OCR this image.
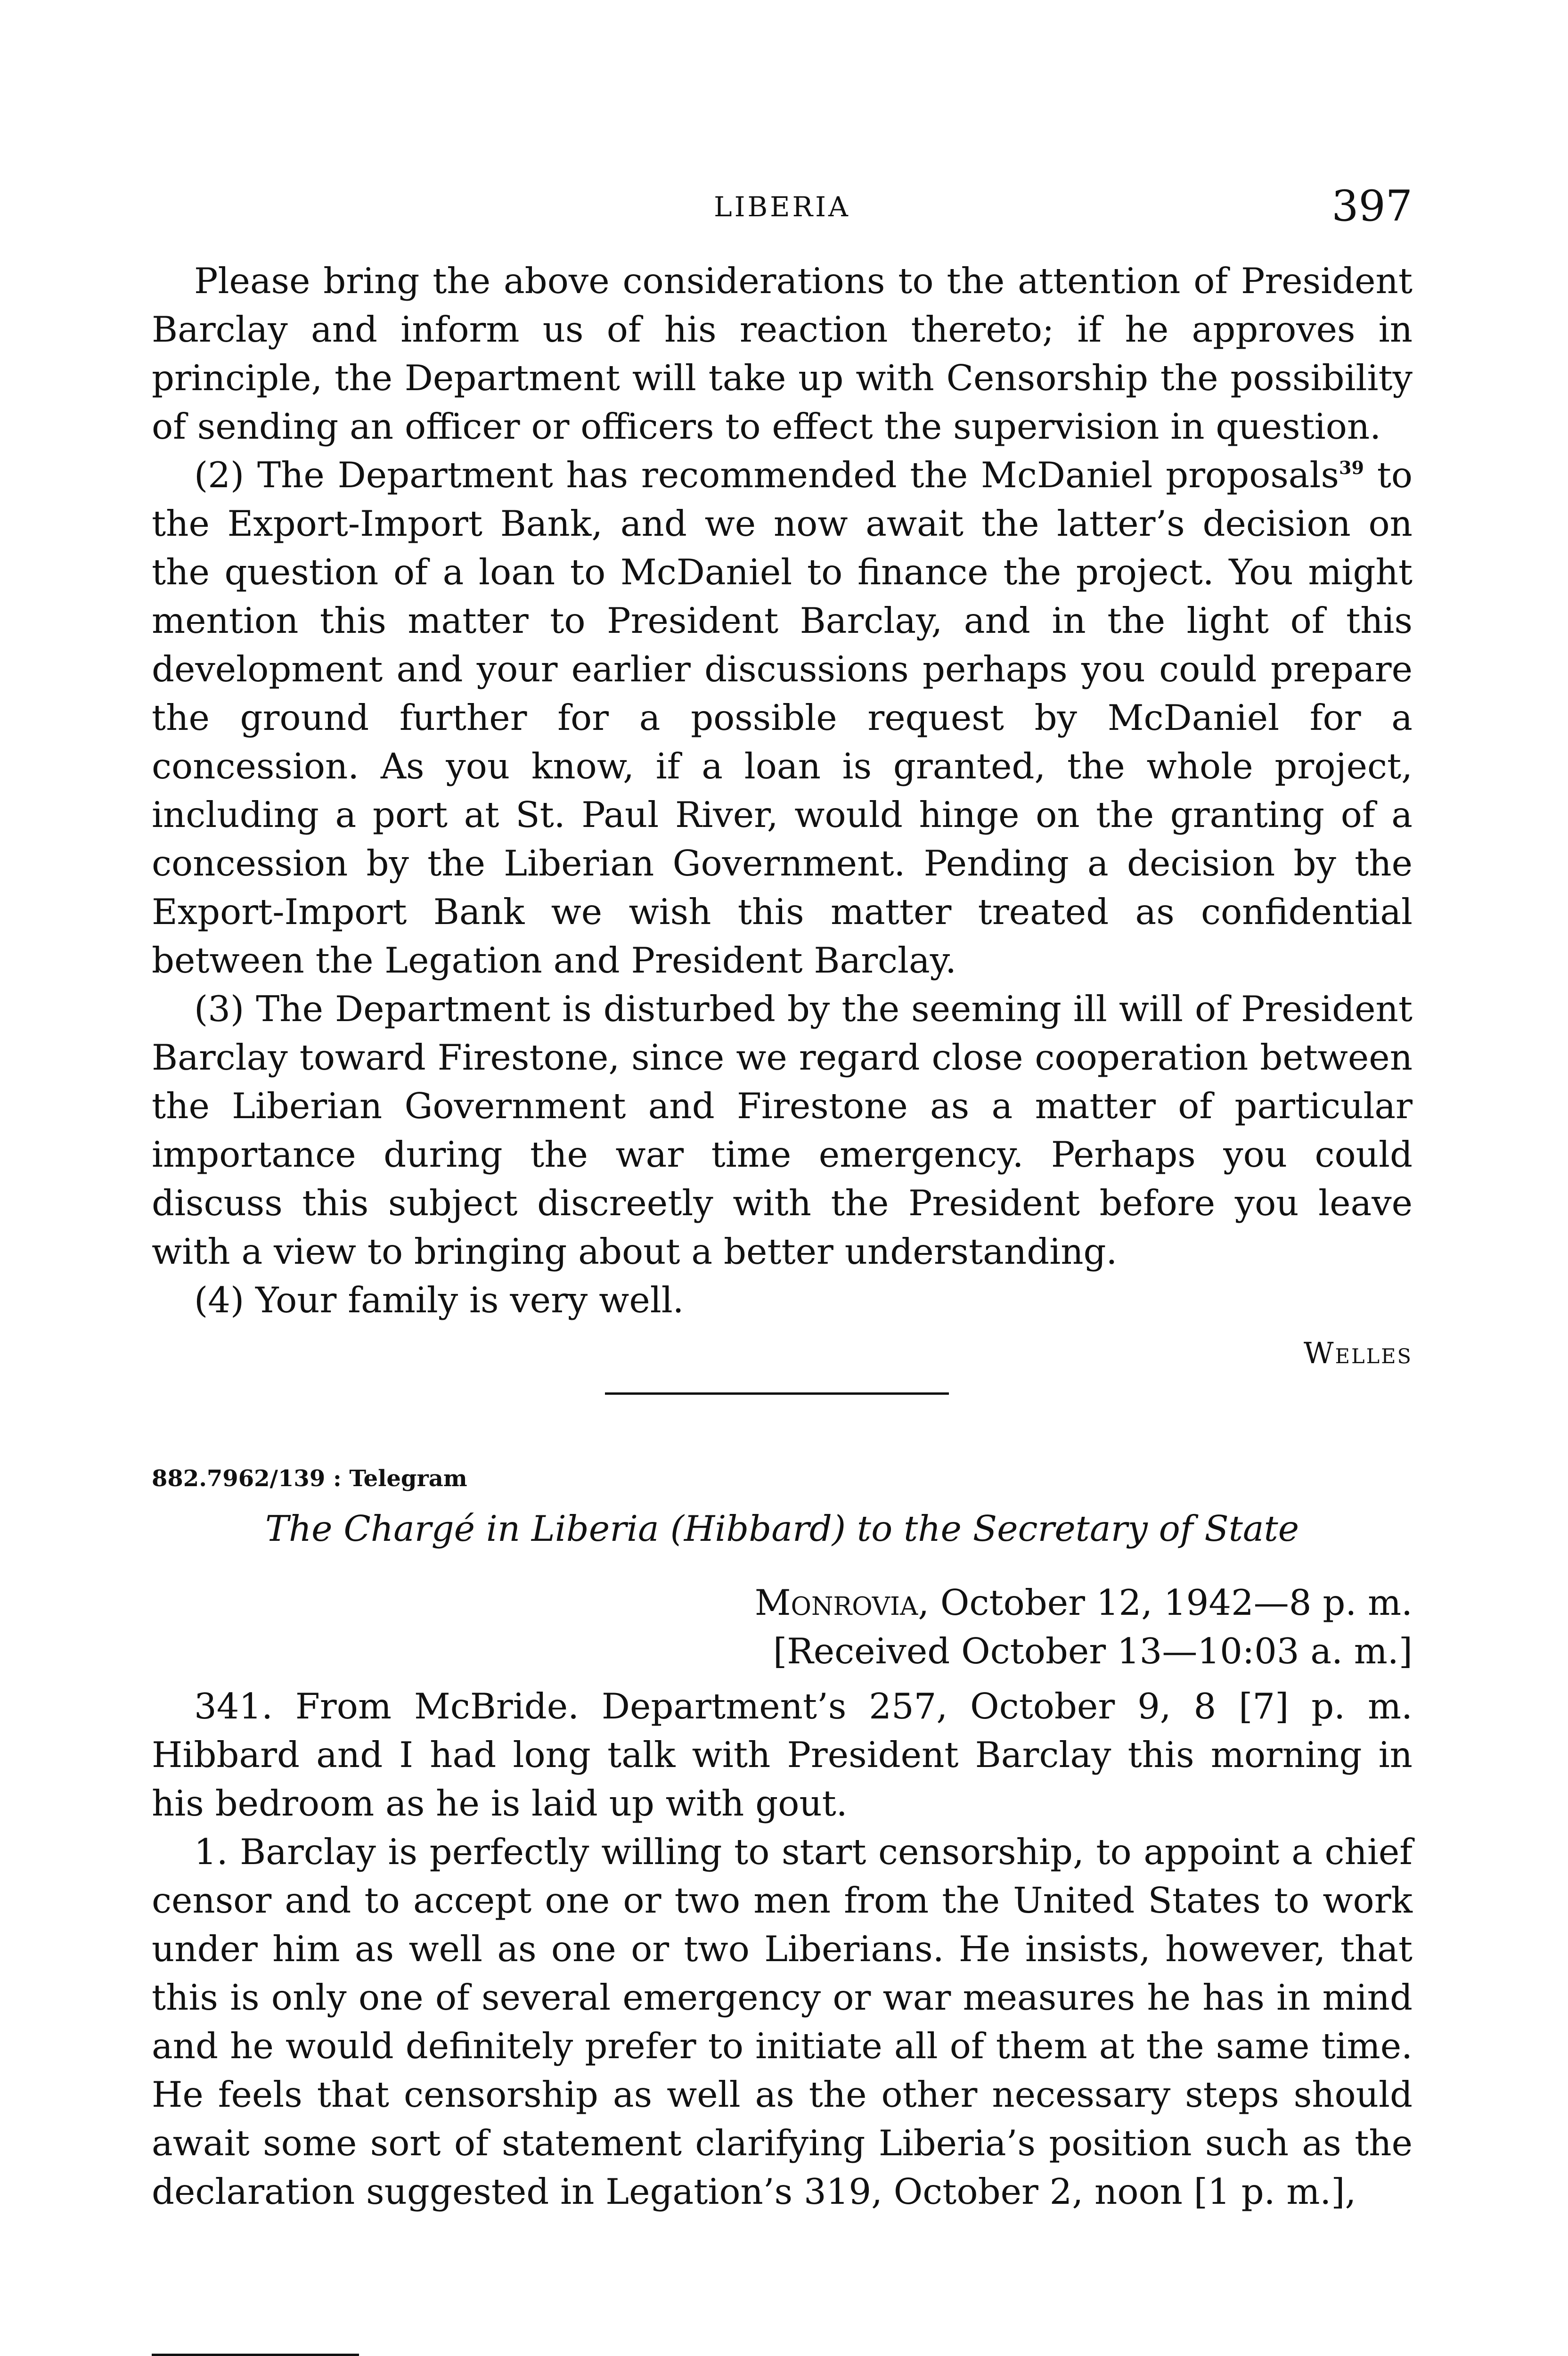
LIBERIA	397

Please bring the above considerations to the attention of President Barclay and inform us of his reaction thereto; if he approves in principle, the Department will take up with Censorship the possibility of sending an officer or officers to effect the supervision in question.

(2) The Department has recommended the McDaniel proposals$^{39}$ to the Export-Import Bank, and we now await the latter’s decision on the question of a loan to McDaniel to finance the project. You might mention this matter to President Barclay, and in the light of this development and your earlier discussions perhaps you could prepare the ground further for a possible request by McDaniel for a concession. As you know, if a loan is granted, the whole project, including a port at St. Paul River, would hinge on the granting of a concession by the Liberian Government. Pending a decision by the Export-Import Bank we wish this matter treated as confidential between the Legation and President Barclay.

(3) The Department is disturbed by the seeming ill will of President Barclay toward Firestone, since we regard close cooperation between the Liberian Government and Firestone as a matter of particular importance during the war time emergency. Perhaps you could discuss this subject discreetly with the President before you leave with a view to bringing about a better understanding.

(4) Your family is very well.

Welles
882.7962/139 : Telegram
The Chargé in Liberia (Hibbard) to the Secretary of State
Monrovia, October 12, 1942—8 p. m.
[Received October 13—10:03 a. m.]

341. From McBride. Department’s 257, October 9, 8 [7] p. m. Hibbard and I had long talk with President Barclay this morning in his bedroom as he is laid up with gout.

1. Barclay is perfectly willing to start censorship, to appoint a chief censor and to accept one or two men from the United States to work under him as well as one or two Liberians. He insists, however, that this is only one of several emergency or war measures he has in mind and he would definitely prefer to initiate all of them at the same time. He feels that censorship as well as the other necessary steps should await some sort of statement clarifying Liberia’s position such as the declaration suggested in Legation’s 319, October 2, noon [1 p. m.],
